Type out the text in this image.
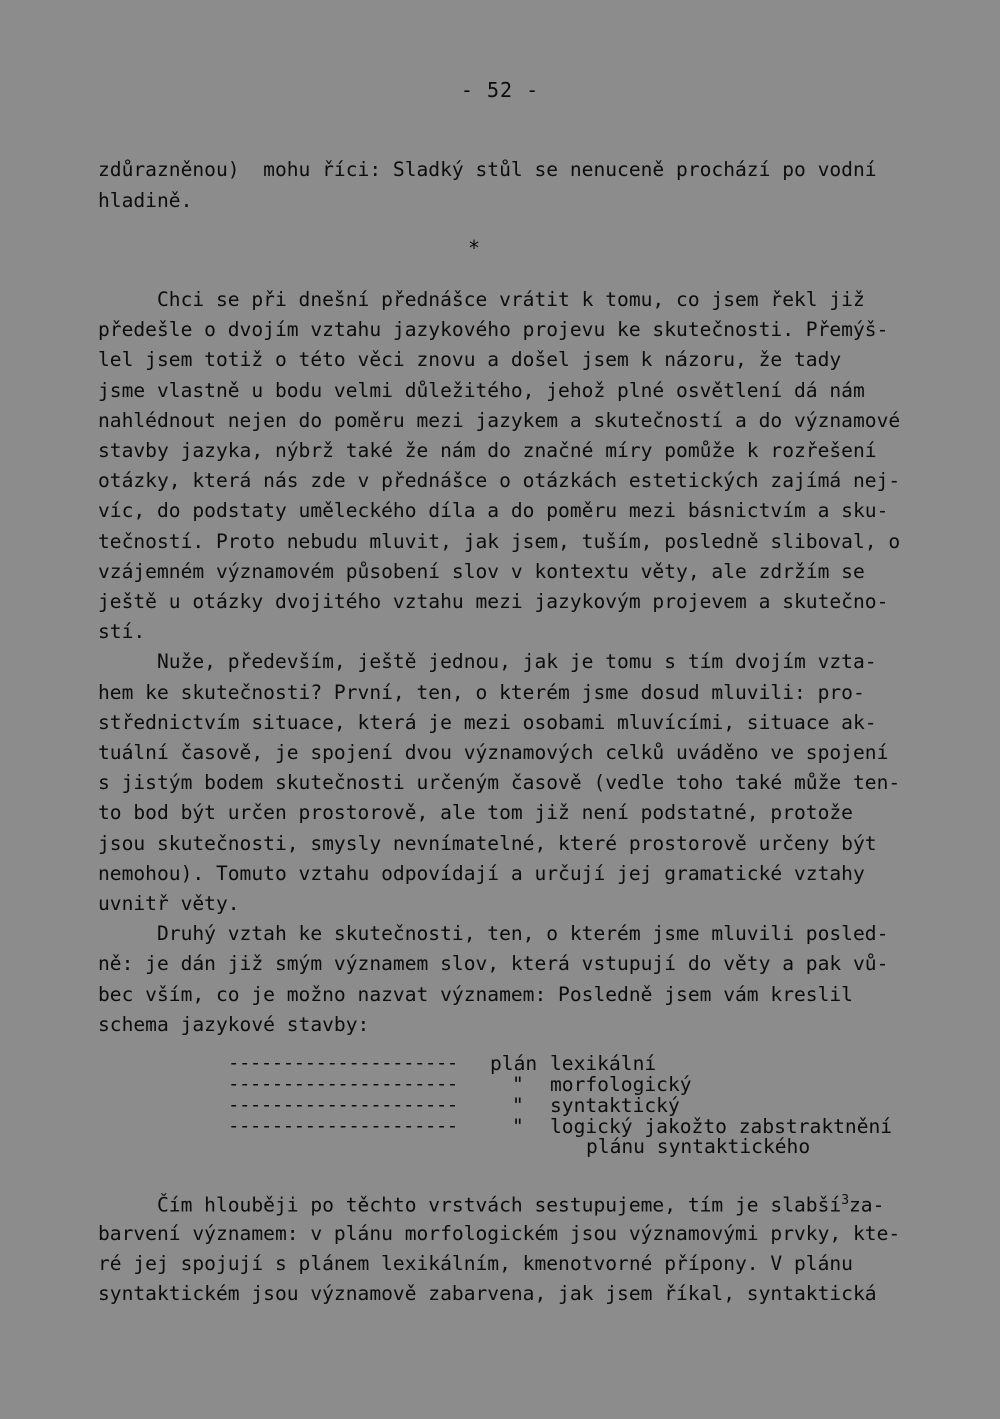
- 52 -
zdůrazněnou)  mohu říci: Sladký stůl se nenuceně prochází po vodní
hladině.
*
Chci se při dnešní přednášce vrátit k tomu, co jsem řekl již
předešle o dvojím vztahu jazykového projevu ke skutečnosti. Přemýš-
lel jsem totiž o této věci znovu a došel jsem k názoru, že tady
jsme vlastně u bodu velmi důležitého, jehož plné osvětlení dá nám
nahlédnout nejen do poměru mezi jazykem a skutečností a do významové
stavby jazyka, nýbrž také že nám do značné míry pomůže k rozřešení
otázky, která nás zde v přednášce o otázkách estetických zajímá nej-
víc, do podstaty uměleckého díla a do poměru mezi básnictvím a sku-
tečností. Proto nebudu mluvit, jak jsem, tuším, posledně sliboval, o
vzájemném významovém působení slov v kontextu věty, ale zdržím se
ještě u otázky dvojitého vztahu mezi jazykovým projevem a skutečno-
stí.
Nuže, především, ještě jednou, jak je tomu s tím dvojím vzta-
hem ke skutečnosti? První, ten, o kterém jsme dosud mluvili: pro-
střednictvím situace, která je mezi osobami mluvícími, situace ak-
tuální časově, je spojení dvou významových celků uváděno ve spojení
s jistým bodem skutečnosti určeným časově (vedle toho také může ten-
to bod být určen prostorově, ale tom již není podstatné, protože
jsou skutečnosti, smysly nevnímatelné, které prostorově určeny být
nemohou). Tomuto vztahu odpovídají a určují jej gramatické vztahy
uvnitř věty.
Druhý vztah ke skutečnosti, ten, o kterém jsme mluvili posled-
ně: je dán již smým významem slov, která vstupují do věty a pak vů-
bec vším, co je možno nazvat významem: Posledně jsem vám kreslil
schema jazykové stavby:
---------------------
---------------------
---------------------
---------------------
plán
"
"
"
lexikální
morfologický
syntaktický
logický jakožto zabstraktnění
plánu syntaktického
Čím hlouběji po těchto vrstvách sestupujeme, tím je slabší$^3$za-
barvení významem: v plánu morfologickém jsou významovými prvky, kte-
ré jej spojují s plánem lexikálním, kmenotvorné přípony. V plánu
syntaktickém jsou významově zabarvena, jak jsem říkal, syntaktická
